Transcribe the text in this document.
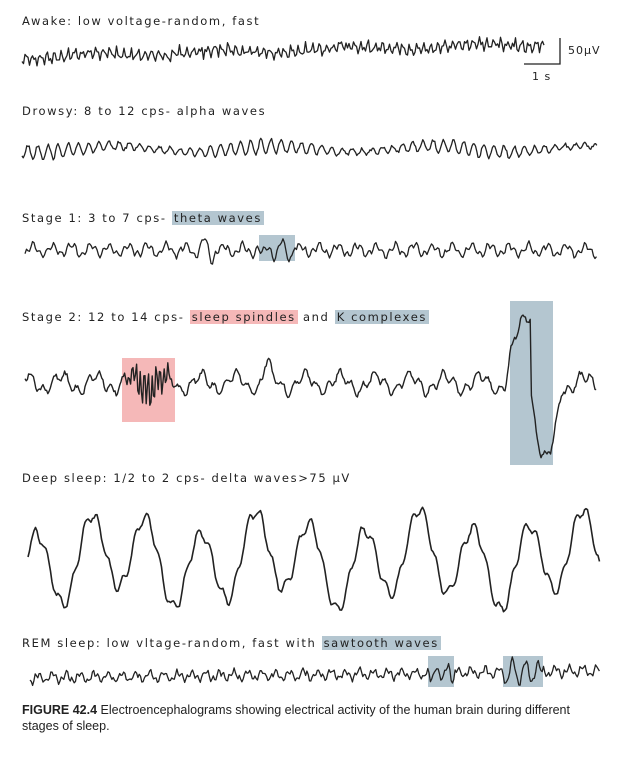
Awake: low voltage-random, fast
Drowsy: 8 to 12 cps- alpha waves
Stage 1: 3 to 7 cps- theta waves
Stage 2: 12 to 14 cps- sleep spindles and K complexes
Deep sleep: 1/2 to 2 cps- delta waves>75 µV
REM sleep: low vltage-random, fast with sawtooth waves
50µV
1 s
FIGURE 42.4 Electroencephalograms showing electrical activity of the human brain during different stages of sleep.
